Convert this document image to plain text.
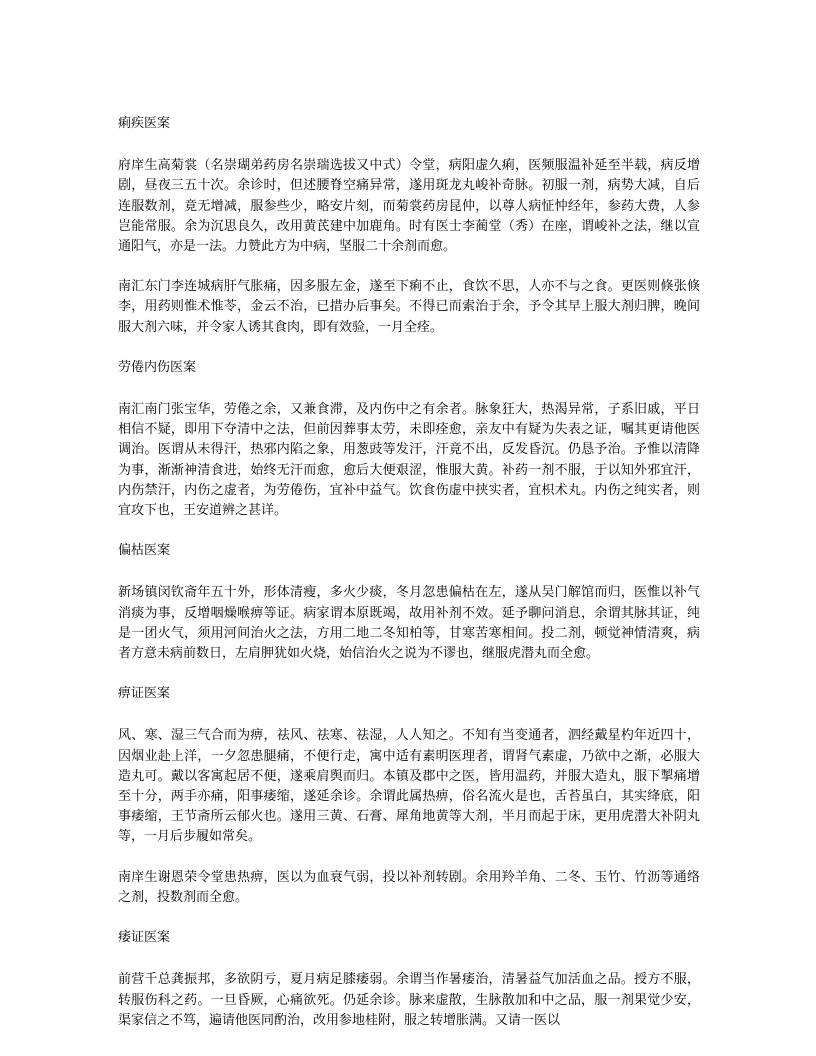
痢疾医案

府庠生高菊裳（名崇瑚弟药房名崇瑞选拔又中式）令堂，病阳虚久痢，医频服温补延至半载，病反增剧，昼夜三五十次。余诊时，但述腰脊空痛异常，遂用斑龙丸峻补奇脉。初服一剂，病势大减，自后连服数剂，竟无增减，服参些少，略安片刻，而菊裳药房昆仲，以尊人病怔忡经年，参药大费，人参岂能常服。余为沉思良久，改用黄芪建中加鹿角。时有医士李蔺堂（秀）在座，谓峻补之法，继以宣通阳气，亦是一法。力赞此方为中病，坚服二十余剂而愈。

南汇东门李连城病肝气胀痛，因多服左金，遂至下痢不止，食饮不思，人亦不与之食。更医则倏张倏李，用药则惟术惟苓，金云不治，已措办后事矣。不得已而索治于余，予令其早上服大剂归脾，晚间服大剂六味，并令家人诱其食肉，即有效验，一月全痊。

劳倦内伤医案

南汇南门张宝华，劳倦之余，又兼食滞，及内伤中之有余者。脉象狂大，热渴异常，子系旧戚，平日相信不疑，即用下夺清中之法，但前因葬事太劳，未即痊愈，亲友中有疑为失表之证，嘱其更请他医调治。医谓从未得汗，热邪内陷之象，用葱豉等发汗，汗竟不出，反发昏沉。仍恳予治。予惟以清降为事，渐渐神清食进，始终无汗而愈，愈后大便艰涩，惟服大黄。补药一剂不服，于以知外邪宜汗，内伤禁汗，内伤之虚者，为劳倦伤，宜补中益气。饮食伤虚中挟实者，宜枳术丸。内伤之纯实者，则宜攻下也，王安道辨之甚详。

偏枯医案

新场镇闵钦斋年五十外，形体清瘦，多火少痰，冬月忽患偏枯在左，遂从吴门解馆而归，医惟以补气消痰为事，反增咽燥喉痹等证。病家谓本原既竭，故用补剂不效。延予聊问消息，余谓其脉其证，纯是一团火气，须用河间治火之法，方用二地二冬知柏等，甘寒苦寒相间。投二剂，顿觉神情清爽，病者方意未病前数日，左肩胛犹如火烧，始信治火之说为不谬也，继服虎潜丸而全愈。

痹证医案

风、寒、湿三气合而为痹，祛风、祛寒、祛湿，人人知之。不知有当变通者，泗经戴星杓年近四十，因烟业赴上洋，一夕忽患腿痛，不便行走，寓中适有素明医理者，谓肾气素虚，乃欲中之渐，必服大造丸可。戴以客寓起居不便，遂乘肩舆而归。本镇及郡中之医，皆用温药，并服大造丸，服下掣痛增至十分，两手亦痛，阳事痿缩，遂延余诊。余谓此属热痹，俗名流火是也，舌苔虽白，其实绛底，阳事痿缩，王节斋所云郁火也。遂用三黄、石膏、犀角地黄等大剂，半月而起于床，更用虎潜大补阴丸等，一月后步履如常矣。

南庠生谢恩荣令堂患热痹，医以为血衰气弱，投以补剂转剧。余用羚羊角、二冬、玉竹、竹沥等通络之剂，投数剂而全愈。

痿证医案

前营千总龚振邦，多欲阴亏，夏月病足膝痿弱。余谓当作暑痿治，清暑益气加活血之品。授方不服，转服伤科之药。一旦昏厥，心痛欲死。仍延余诊。脉来虚散，生脉散加和中之品，服一剂果觉少安，渠家信之不笃，遍请他医同酌治，改用参地桂附，服之转增胀满。又请一医以
